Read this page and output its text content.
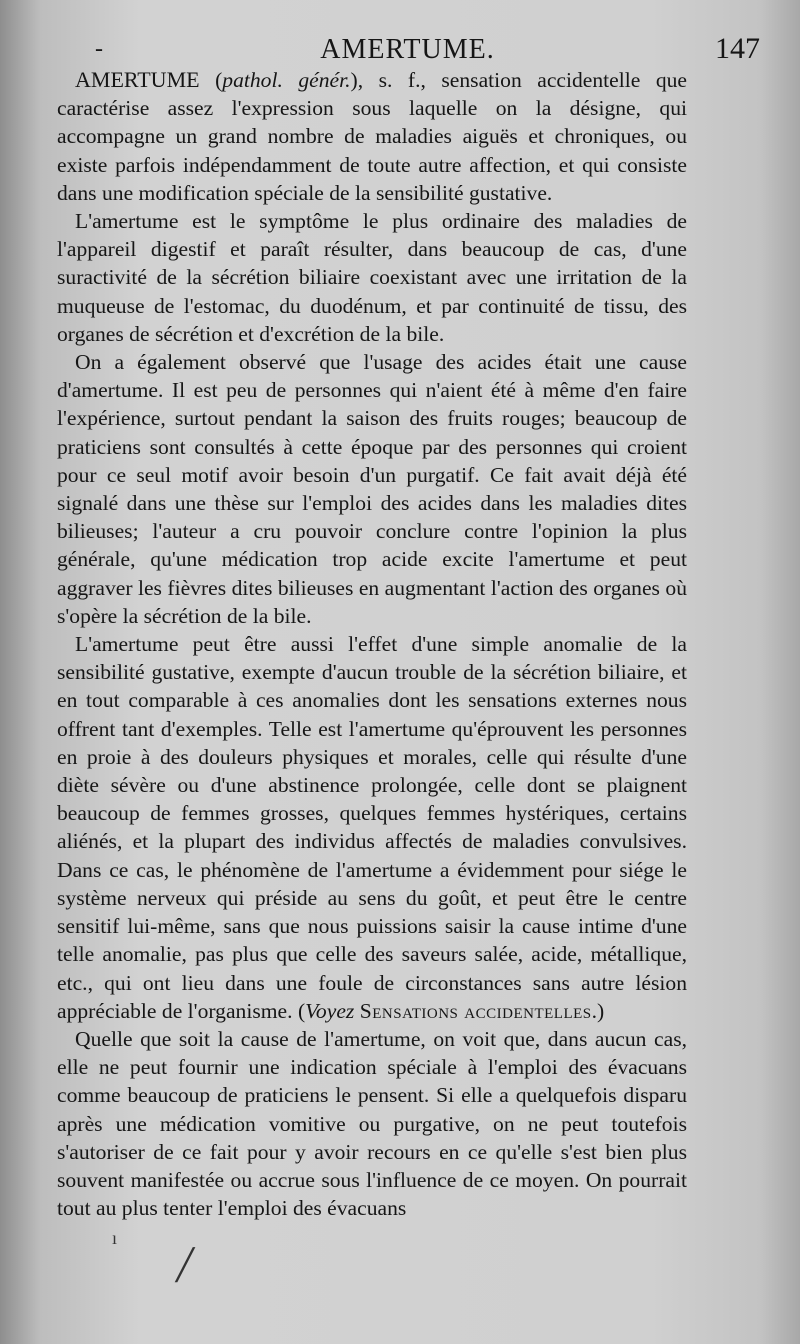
-	AMERTUME.	147

AMERTUME (pathol. génér.), s. f., sensation accidentelle que caractérise assez l'expression sous laquelle on la désigne, qui accompagne un grand nombre de maladies aiguës et chroniques, ou existe parfois indépendamment de toute autre affection, et qui consiste dans une modification spéciale de la sensibilité gustative.

L'amertume est le symptôme le plus ordinaire des maladies de l'appareil digestif et paraît résulter, dans beaucoup de cas, d'une suractivité de la sécrétion biliaire coexistant avec une irritation de la muqueuse de l'estomac, du duodénum, et par continuité de tissu, des organes de sécrétion et d'excrétion de la bile.

On a également observé que l'usage des acides était une cause d'amertume. Il est peu de personnes qui n'aient été à même d'en faire l'expérience, surtout pendant la saison des fruits rouges; beaucoup de praticiens sont consultés à cette époque par des personnes qui croient pour ce seul motif avoir besoin d'un purgatif. Ce fait avait déjà été signalé dans une thèse sur l'emploi des acides dans les maladies dites bilieuses; l'auteur a cru pouvoir conclure contre l'opinion la plus générale, qu'une médication trop acide excite l'amertume et peut aggraver les fièvres dites bilieuses en augmentant l'action des organes où s'opère la sécrétion de la bile.

L'amertume peut être aussi l'effet d'une simple anomalie de la sensibilité gustative, exempte d'aucun trouble de la sécrétion biliaire, et en tout comparable à ces anomalies dont les sensations externes nous offrent tant d'exemples. Telle est l'amertume qu'éprouvent les personnes en proie à des douleurs physiques et morales, celle qui résulte d'une diète sévère ou d'une abstinence prolongée, celle dont se plaignent beaucoup de femmes grosses, quelques femmes hystériques, certains aliénés, et la plupart des individus affectés de maladies convulsives. Dans ce cas, le phénomène de l'amertume a évidemment pour siége le système nerveux qui préside au sens du goût, et peut être le centre sensitif lui-même, sans que nous puissions saisir la cause intime d'une telle anomalie, pas plus que celle des saveurs salée, acide, métallique, etc., qui ont lieu dans une foule de circonstances sans autre lésion appréciable de l'organisme. (Voyez Sensations accidentelles.)

Quelle que soit la cause de l'amertume, on voit que, dans aucun cas, elle ne peut fournir une indication spéciale à l'emploi des évacuans comme beaucoup de praticiens le pensent. Si elle a quelquefois disparu après une médication vomitive ou purgative, on ne peut toutefois s'autoriser de ce fait pour y avoir recours en ce qu'elle s'est bien plus souvent manifestée ou accrue sous l'influence de ce moyen. On pourrait tout au plus tenter l'emploi des évacuans

ı
╱
